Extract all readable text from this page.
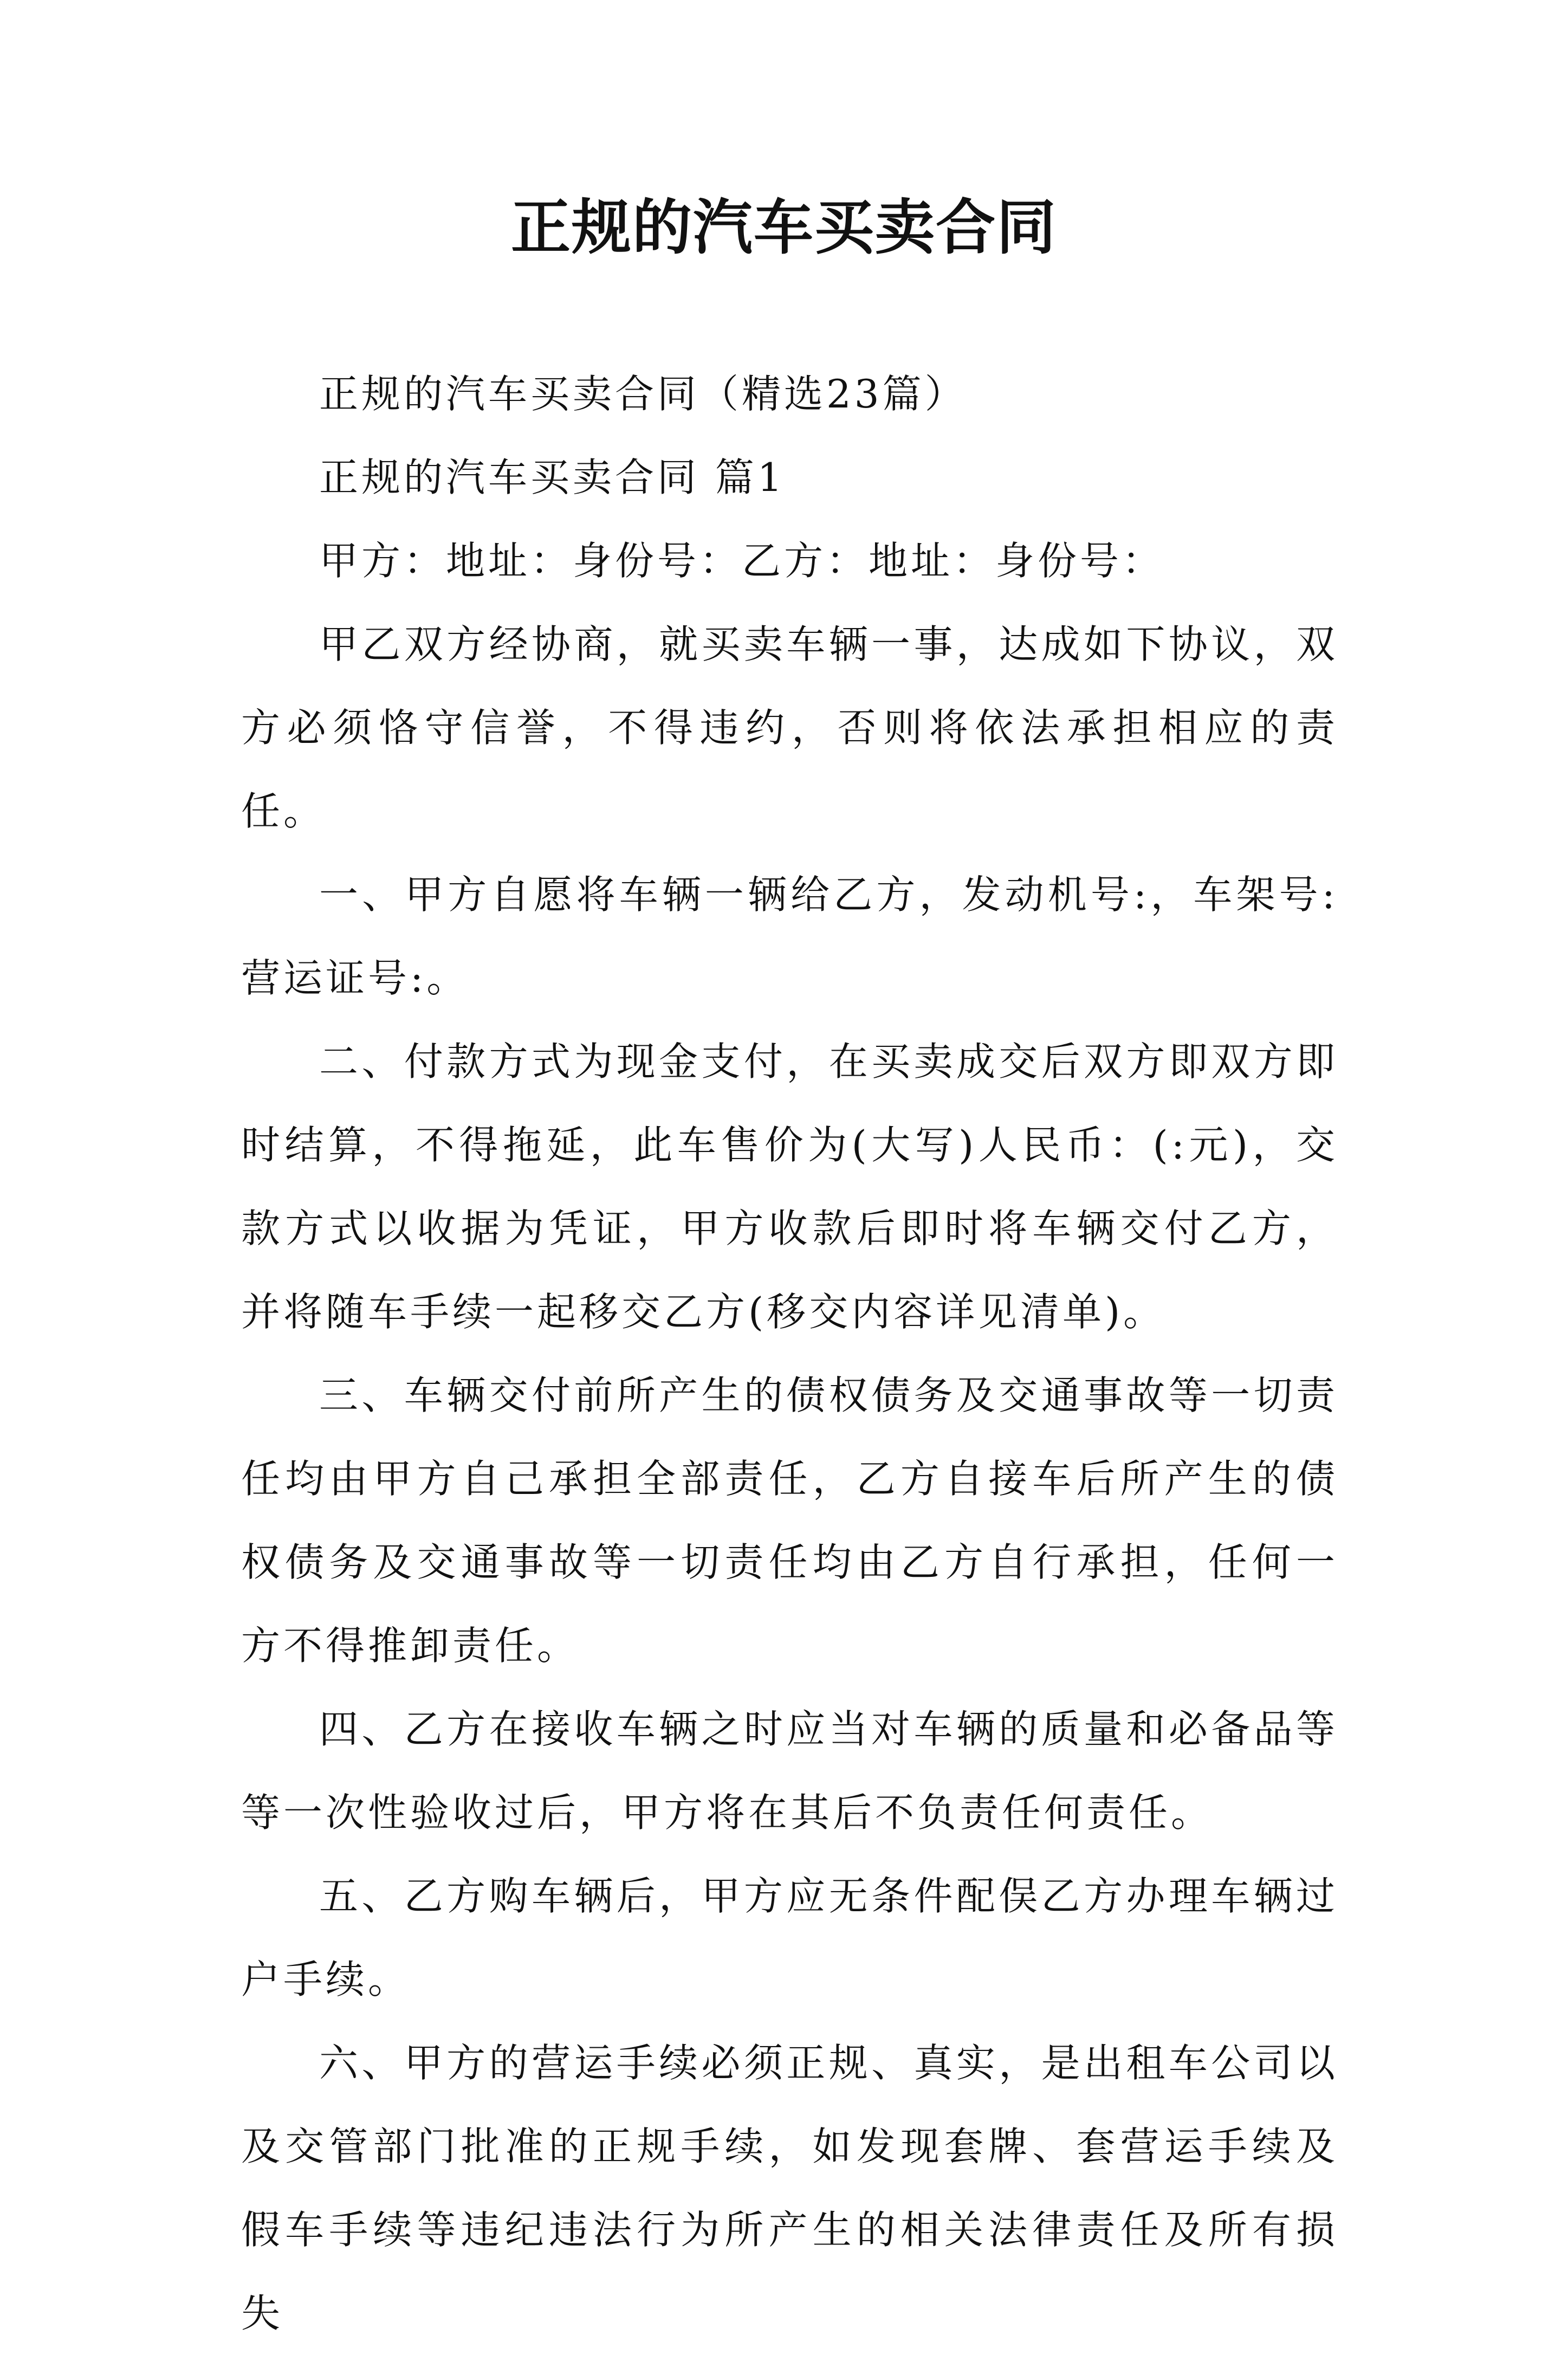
正规的汽车买卖合同

正规的汽车买卖合同（精选23篇）

正规的汽车买卖合同 篇1

甲方：地址：身份号：乙方：地址：身份号：

甲乙双方经协商，就买卖车辆一事，达成如下协议，双方必须恪守信誉，不得违约，否则将依法承担相应的责任。

一、甲方自愿将车辆一辆给乙方，发动机号:，车架号:营运证号:。

二、付款方式为现金支付，在买卖成交后双方即双方即时结算，不得拖延，此车售价为(大写)人民币：(:元)，交款方式以收据为凭证，甲方收款后即时将车辆交付乙方，并将随车手续一起移交乙方(移交内容详见清单)。

三、车辆交付前所产生的债权债务及交通事故等一切责任均由甲方自己承担全部责任，乙方自接车后所产生的债权债务及交通事故等一切责任均由乙方自行承担，任何一方不得推卸责任。

四、乙方在接收车辆之时应当对车辆的质量和必备品等等一次性验收过后，甲方将在其后不负责任何责任。

五、乙方购车辆后，甲方应无条件配俣乙方办理车辆过户手续。

六、甲方的营运手续必须正规、真实，是出租车公司以及交管部门批准的正规手续，如发现套牌、套营运手续及假车手续等违纪违法行为所产生的相关法律责任及所有损失
